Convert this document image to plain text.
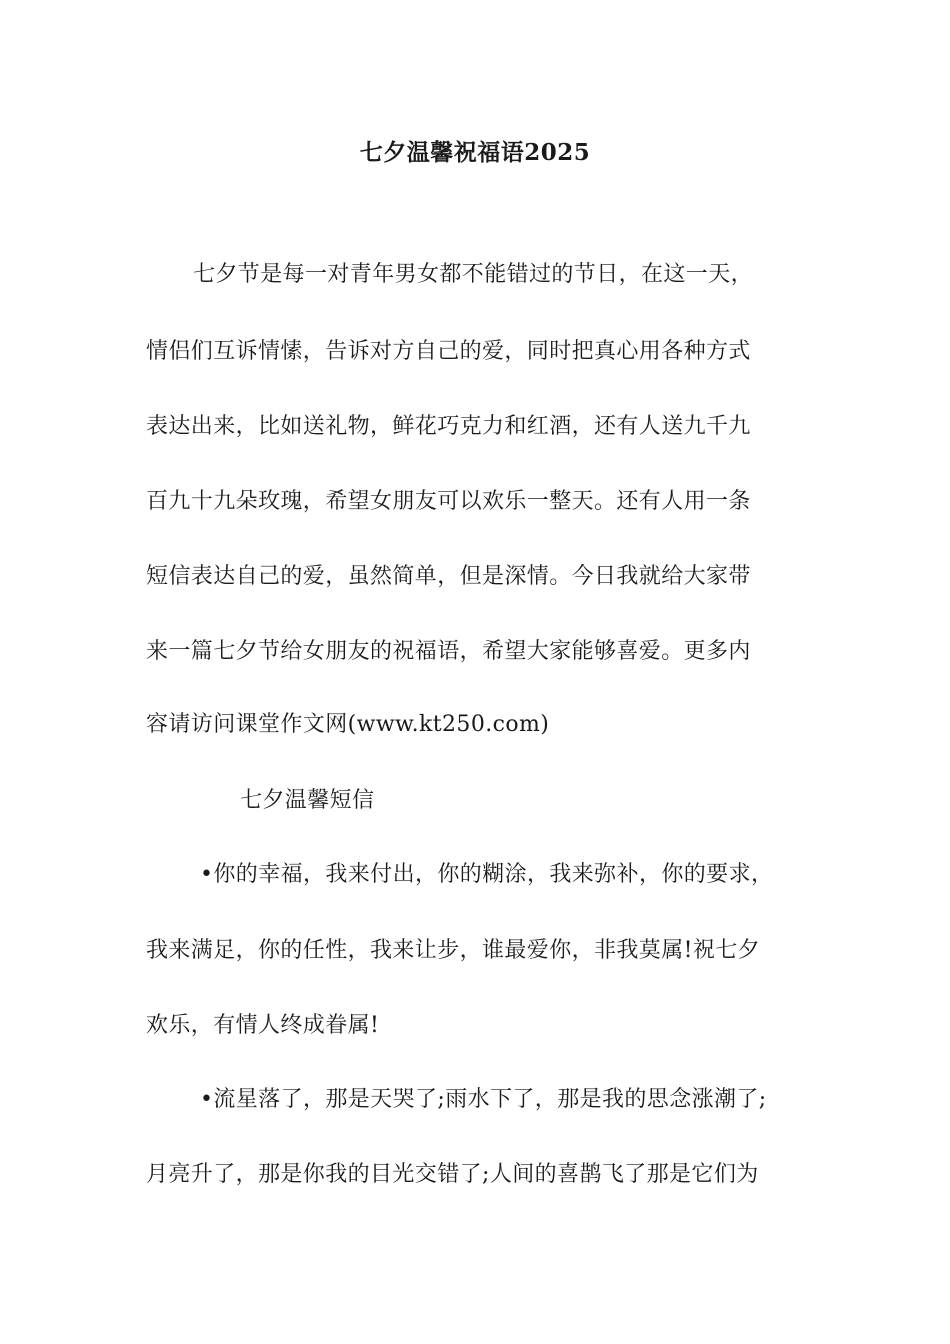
七夕温馨祝福语2025
七夕节是每一对青年男女都不能错过的节日，在这一天，
情侣们互诉情愫，告诉对方自己的爱，同时把真心用各种方式
表达出来，比如送礼物，鲜花巧克力和红酒，还有人送九千九
百九十九朵玫瑰，希望女朋友可以欢乐一整天。还有人用一条
短信表达自己的爱，虽然简单，但是深情。今日我就给大家带
来一篇七夕节给女朋友的祝福语，希望大家能够喜爱。更多内
容请访问课堂作文网(www.kt250.com)
七夕温馨短信
•你的幸福，我来付出，你的糊涂，我来弥补，你的要求，
我来满足，你的任性，我来让步，谁最爱你，非我莫属!祝七夕
欢乐，有情人终成眷属!
•流星落了，那是天哭了;雨水下了，那是我的思念涨潮了;
月亮升了，那是你我的目光交错了;人间的喜鹊飞了那是它们为
